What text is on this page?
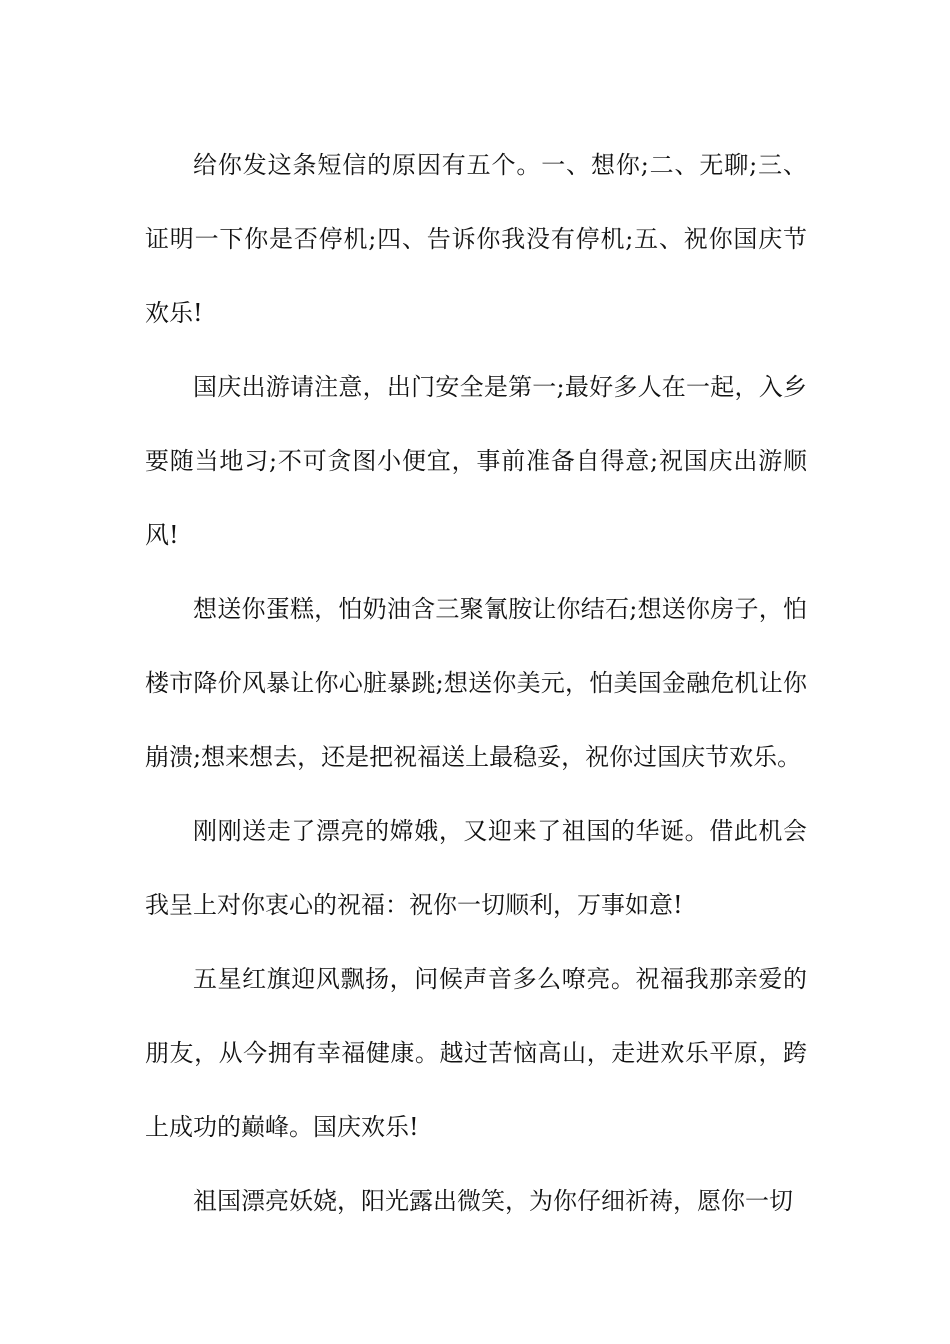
给你发这条短信的原因有五个。一、想你;二、无聊;三、证明一下你是否停机;四、告诉你我没有停机;五、祝你国庆节欢乐!

国庆出游请注意，出门安全是第一;最好多人在一起，入乡要随当地习;不可贪图小便宜，事前准备自得意;祝国庆出游顺风!

想送你蛋糕，怕奶油含三聚氰胺让你结石;想送你房子，怕楼市降价风暴让你心脏暴跳;想送你美元，怕美国金融危机让你崩溃;想来想去，还是把祝福送上最稳妥，祝你过国庆节欢乐。

刚刚送走了漂亮的嫦娥，又迎来了祖国的华诞。借此机会我呈上对你衷心的祝福：祝你一切顺利，万事如意!

五星红旗迎风飘扬，问候声音多么嘹亮。祝福我那亲爱的朋友，从今拥有幸福健康。越过苦恼高山，走进欢乐平原，跨上成功的巅峰。国庆欢乐!

祖国漂亮妖娆，阳光露出微笑，为你仔细祈祷，愿你一切
